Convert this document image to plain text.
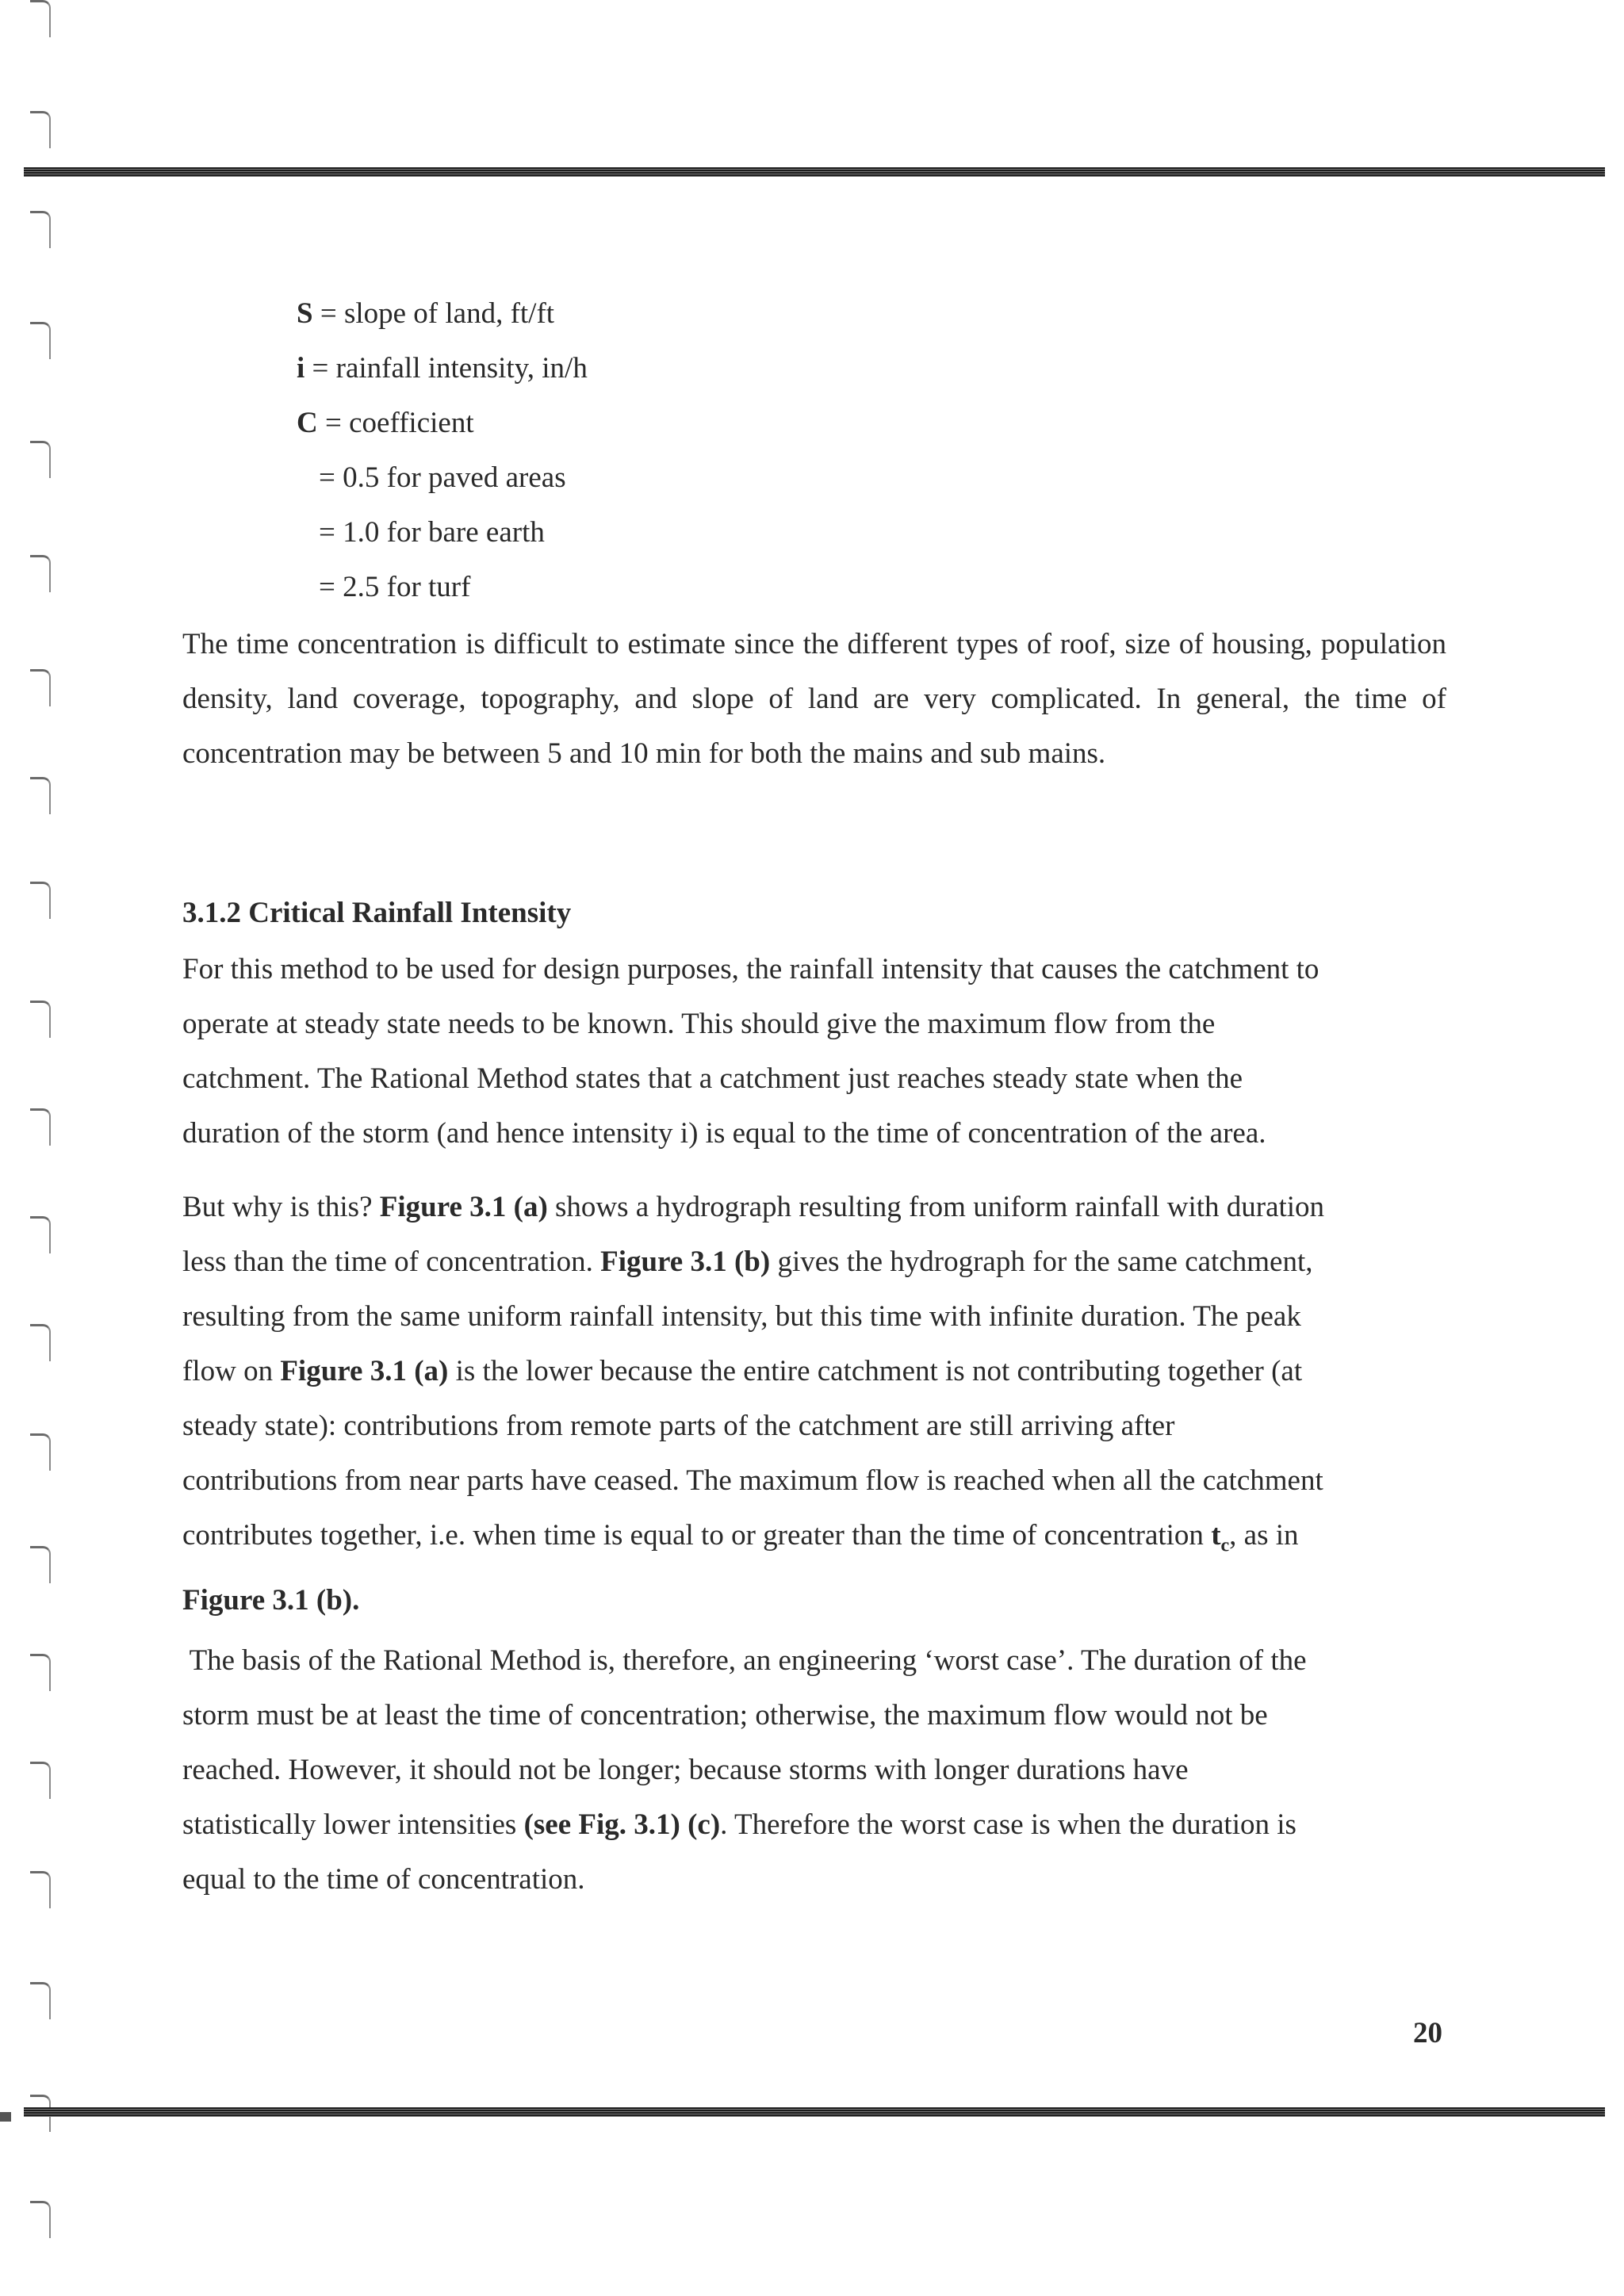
S = slope of land, ft/ft
i = rainfall intensity, in/h
C = coefficient
= 0.5 for paved areas
= 1.0 for bare earth
= 2.5 for turf

The time concentration is difficult to estimate since the different types of roof, size of housing, population density, land coverage, topography, and slope of land are very complicated. In general, the time of concentration may be between 5 and 10 min for both the mains and sub mains.

3.1.2 Critical Rainfall Intensity
For this method to be used for design purposes, the rainfall intensity that causes the catchment to
operate at steady state needs to be known. This should give the maximum flow from the
catchment. The Rational Method states that a catchment just reaches steady state when the
duration of the storm (and hence intensity i) is equal to the time of concentration of the area.
But why is this? Figure 3.1 (a) shows a hydrograph resulting from uniform rainfall with duration
less than the time of concentration. Figure 3.1 (b) gives the hydrograph for the same catchment,
resulting from the same uniform rainfall intensity, but this time with infinite duration. The peak
flow on Figure 3.1 (a) is the lower because the entire catchment is not contributing together (at
steady state): contributions from remote parts of the catchment are still arriving after
contributions from near parts have ceased. The maximum flow is reached when all the catchment
contributes together, i.e. when time is equal to or greater than the time of concentration $t_c$, as in
Figure 3.1 (b).
The basis of the Rational Method is, therefore, an engineering ‘worst case’. The duration of the
storm must be at least the time of concentration; otherwise, the maximum flow would not be
reached. However, it should not be longer; because storms with longer durations have
statistically lower intensities (see Fig. 3.1) (c). Therefore the worst case is when the duration is
equal to the time of concentration.
20
